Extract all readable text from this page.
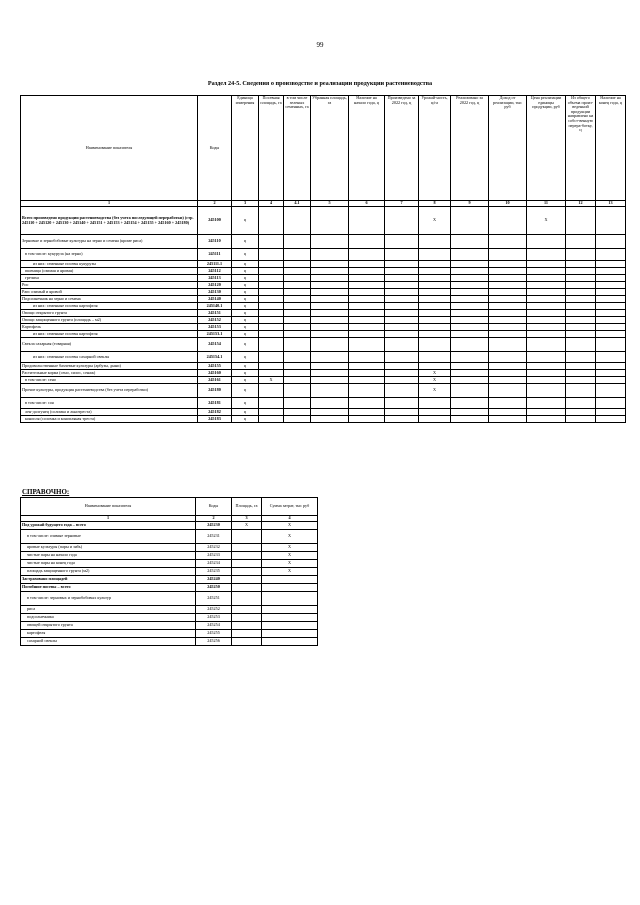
99
Раздел 24-5. Сведения о производстве и реализации продукции растениеводства
Наименование показателя	Коды	Единица измерения	Посевная площадь, га	в том числе зеленых семенных, га	Убранная площадь, га	Наличие на начало года, ц	Произведено за 2022 год, ц	Урожай-ность, ц/га	Реализовано за 2022 год, ц	Доход от реализации, тыс руб	Цена реализации единицы продукции, руб	Из общего объема произ-веденной продукции направлено на собст-венную перера-ботку, ц	Наличие на конец года, ц
1	2	3	4	4.1	5	6	7	8	9	10	11	12	13
Всего произведено продукции растениеводства (без учета последующей переработки) (стр. 245110 + 245120 + 245130 + 245140 + 245151 + 245153 + 245154 + 245155 + 245160 + 245180)	245100	ц						X			X		
Зерновые и зернобобовые культуры на зерно и семена (кроме риса)	245110	ц											
в том числе: кукуруза (на зерно)	245111	ц											
из них: семенные посевы кукурузы	245111.1	ц											
пшеница (озимая и яровая)	245112	ц											
гречиха	245113	ц											
Рис	245120	ц											
Рапс озимый и яровой	245130	ц											
Подсолнечник на зерно и семена	245140	ц											
из них: семенные посевы картофеля	245140.1	ц											
Овощи открытого грунта	245151	ц											
Овощи защищенного грунта (площадь – м2)	245152	ц											
Картофель	245153	ц											
из них: семенные посевы картофеля	245153.1	ц											
Свекла сахарная (товарная)	245154	ц											
из них: семенные посевы сахарной свеклы	245154.1	ц											
Продовольственные бахчевые культуры (арбузы, дыни)	245155	ц											
Растительные корма (сено, силос, сенаж)	245160	ц						X					
в том числе: сено	245161	ц	X					X					
Прочие культуры, продукция растениеводства (без учета переработки)	245180	ц						X					
в том числе: соя	245181	ц											
лен-долгунец (соломка и льнотреста)	245182	ц											
конопля (соломка и конопляная треста)	245183	ц											
СПРАВОЧНО:
Наименование показателя	Коды	Площадь, га	Сумма затрат, тыс руб
1	2	3	4
Под урожай будущего года – всего	245230	X	X
в том числе: озимые зерновые	245231		X
яровые культуры (пары и зябь)	245232		X
чистые пары на начало года	245233		X
чистые пары на конец года	245234		X
площадь защищенного грунта (м2)	245235		X
Застраховано площадей	245240		
Погибшие посевы – всего	245250		
в том числе: зерновых и зернобобовых культур	245251		
риса	245252		
подсолнечника	245253		
овощей открытого грунта	245254		
картофеля	245255		
сахарной свеклы	245256		
